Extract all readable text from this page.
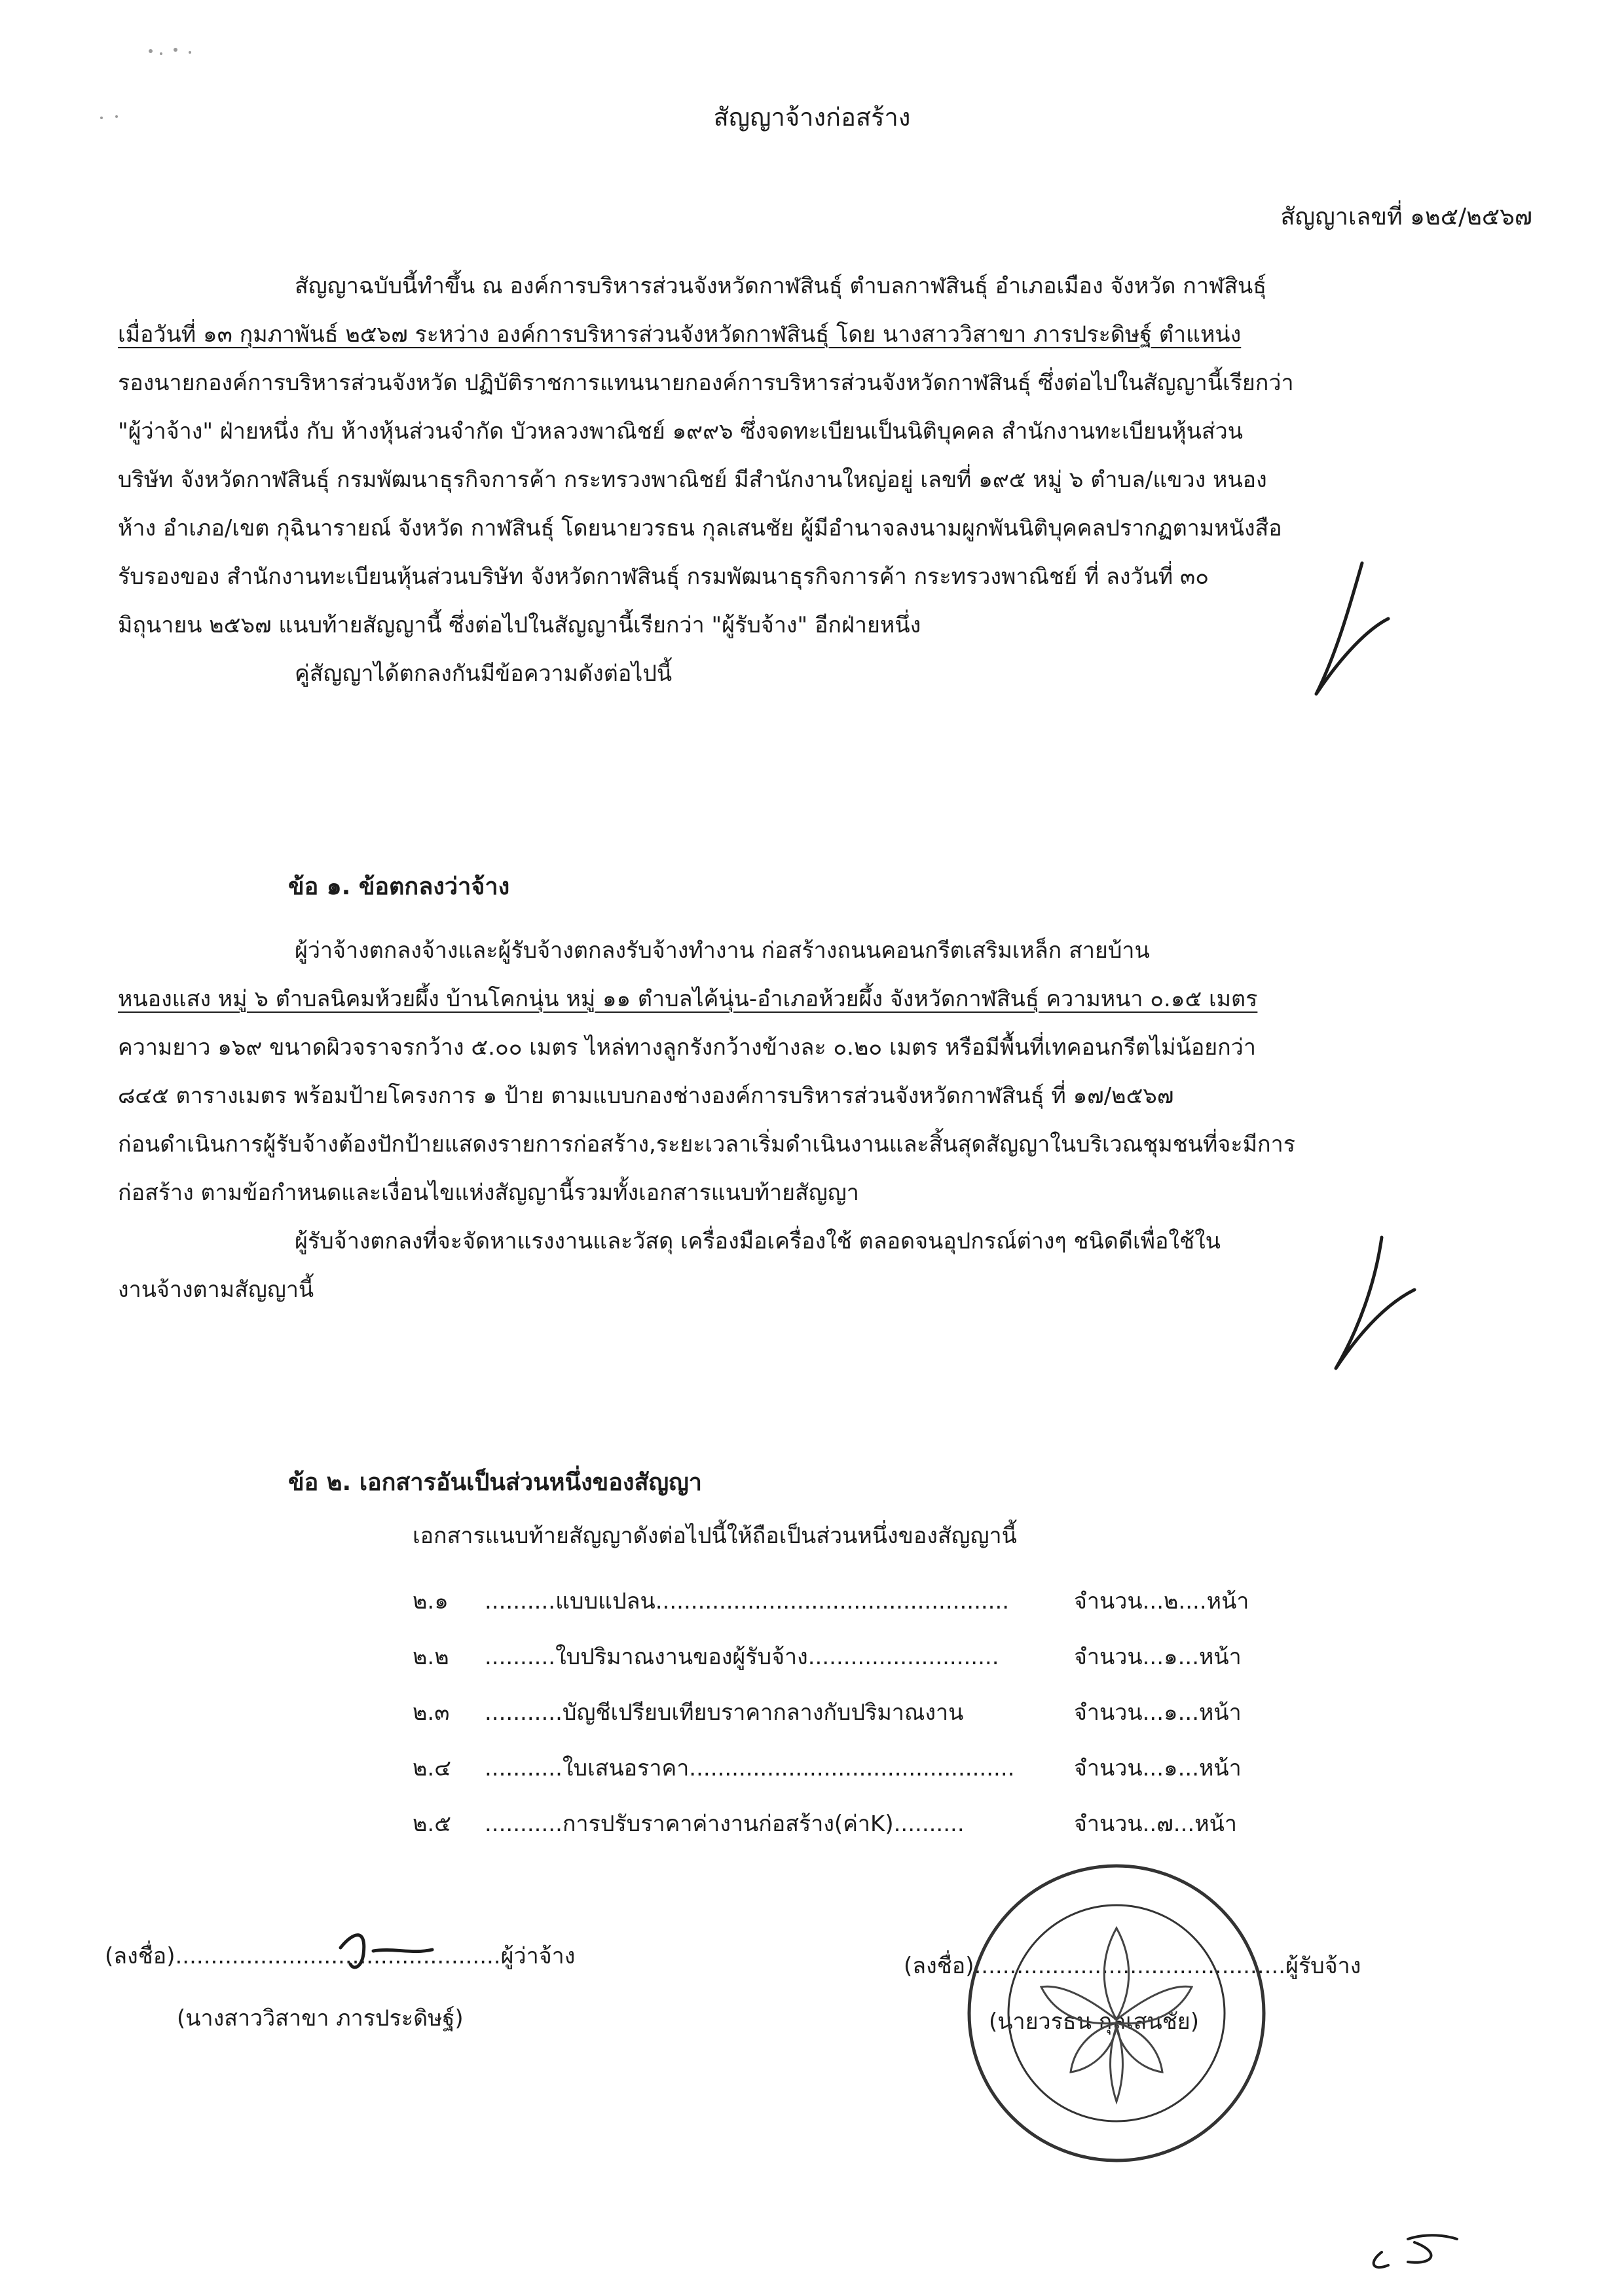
สัญญาจ้างก่อสร้าง
สัญญาเลขที่ ๑๒๕/๒๕๖๗
สัญญาฉบับนี้ทำขึ้น ณ องค์การบริหารส่วนจังหวัดกาฬสินธุ์ ตำบลกาฬสินธุ์ อำเภอเมือง จังหวัด กาฬสินธุ์
เมื่อวันที่ ๑๓ กุมภาพันธ์ ๒๕๖๗ ระหว่าง องค์การบริหารส่วนจังหวัดกาฬสินธุ์ โดย นางสาววิสาขา ภารประดิษฐ์ ตำแหน่ง
รองนายกองค์การบริหารส่วนจังหวัด ปฏิบัติราชการแทนนายกองค์การบริหารส่วนจังหวัดกาฬสินธุ์ ซึ่งต่อไปในสัญญานี้เรียกว่า
"ผู้ว่าจ้าง" ฝ่ายหนึ่ง กับ ห้างหุ้นส่วนจำกัด บัวหลวงพาณิชย์ ๑๙๙๖ ซึ่งจดทะเบียนเป็นนิติบุคคล สำนักงานทะเบียนหุ้นส่วน
บริษัท จังหวัดกาฬสินธุ์ กรมพัฒนาธุรกิจการค้า กระทรวงพาณิชย์ มีสำนักงานใหญ่อยู่ เลขที่ ๑๙๕ หมู่ ๖ ตำบล/แขวง หนอง
ห้าง อำเภอ/เขต กุฉินารายณ์ จังหวัด กาฬสินธุ์ โดยนายวรธน กุลเสนชัย ผู้มีอำนาจลงนามผูกพันนิติบุคคลปรากฏตามหนังสือ
รับรองของ สำนักงานทะเบียนหุ้นส่วนบริษัท จังหวัดกาฬสินธุ์ กรมพัฒนาธุรกิจการค้า กระทรวงพาณิชย์ ที่ ลงวันที่ ๓๐
มิถุนายน ๒๕๖๗ แนบท้ายสัญญานี้ ซึ่งต่อไปในสัญญานี้เรียกว่า "ผู้รับจ้าง" อีกฝ่ายหนึ่ง
คู่สัญญาได้ตกลงกันมีข้อความดังต่อไปนี้
ข้อ ๑. ข้อตกลงว่าจ้าง
ผู้ว่าจ้างตกลงจ้างและผู้รับจ้างตกลงรับจ้างทำงาน ก่อสร้างถนนคอนกรีตเสริมเหล็ก สายบ้าน
หนองแสง หมู่ ๖ ตำบลนิคมห้วยผึ้ง บ้านโคกนุ่น หมู่ ๑๑ ตำบลไค้นุ่น-อำเภอห้วยผึ้ง จังหวัดกาฬสินธุ์ ความหนา ๐.๑๕ เมตร
ความยาว ๑๖๙ ขนาดผิวจราจรกว้าง ๕.๐๐ เมตร ไหล่ทางลูกรังกว้างข้างละ ๐.๒๐ เมตร หรือมีพื้นที่เทคอนกรีตไม่น้อยกว่า
๘๔๕ ตารางเมตร พร้อมป้ายโครงการ ๑ ป้าย ตามแบบกองช่างองค์การบริหารส่วนจังหวัดกาฬสินธุ์ ที่ ๑๗/๒๕๖๗
ก่อนดำเนินการผู้รับจ้างต้องปักป้ายแสดงรายการก่อสร้าง,ระยะเวลาเริ่มดำเนินงานและสิ้นสุดสัญญาในบริเวณชุมชนที่จะมีการ
ก่อสร้าง ตามข้อกำหนดและเงื่อนไขแห่งสัญญานี้รวมทั้งเอกสารแนบท้ายสัญญา
ผู้รับจ้างตกลงที่จะจัดหาแรงงานและวัสดุ เครื่องมือเครื่องใช้ ตลอดจนอุปกรณ์ต่างๆ ชนิดดีเพื่อใช้ใน
งานจ้างตามสัญญานี้
ข้อ ๒. เอกสารอันเป็นส่วนหนึ่งของสัญญา
เอกสารแนบท้ายสัญญาดังต่อไปนี้ให้ถือเป็นส่วนหนึ่งของสัญญานี้
๒.๑ ..........แบบแปลน..................................................	จำนวน...๒....หน้า
๒.๒ ..........ใบปริมาณงานของผู้รับจ้าง...........................	จำนวน...๑...หน้า
๒.๓ ...........บัญชีเปรียบเทียบราคากลางกับปริมาณงาน	จำนวน...๑...หน้า
๒.๔ ...........ใบเสนอราคา..............................................	จำนวน...๑...หน้า
๒.๕ ...........การปรับราคาค่างานก่อสร้าง(ค่าK)..........	จำนวน..๗...หน้า
(ลงชื่อ)..............................................ผู้ว่าจ้าง
(นางสาววิสาขา ภารประดิษฐ์)
(ลงชื่อ)............................................ผู้รับจ้าง
(นายวรธน กุลเสนชัย)
